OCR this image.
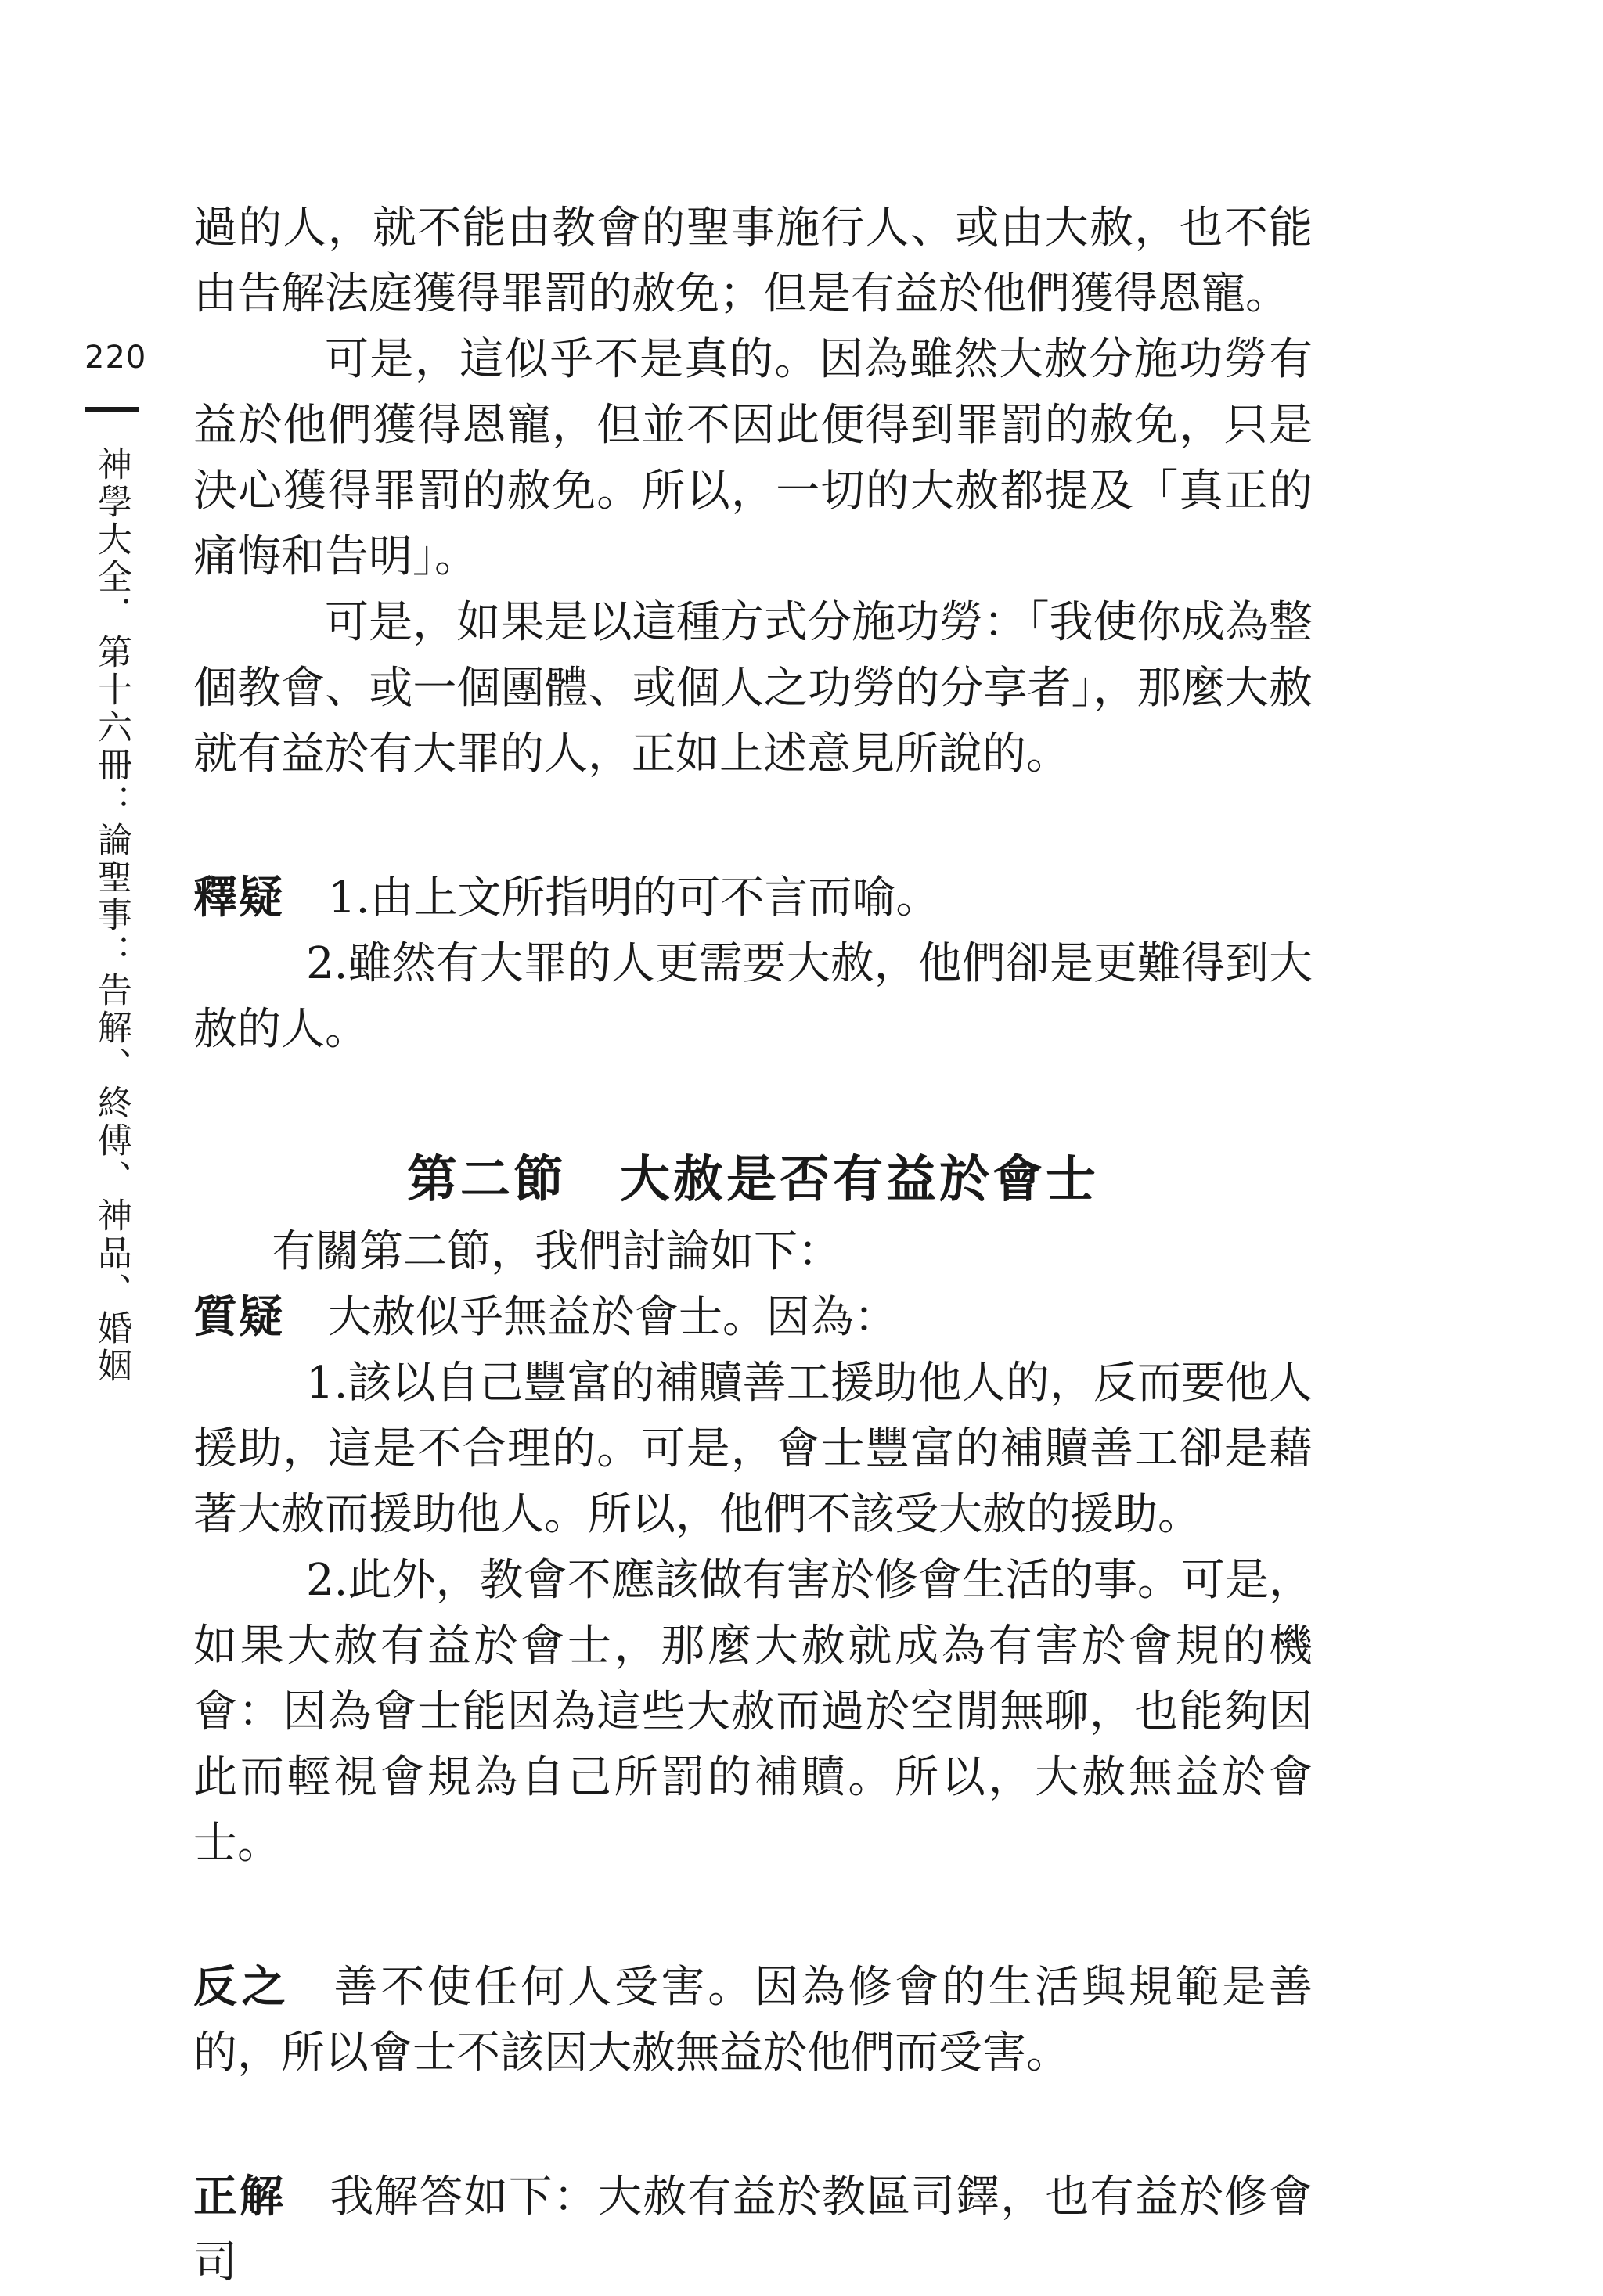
220
神學大全．第十六冊：論聖事：告解、終傅、神品、婚姻

過的人，就不能由教會的聖事施行人、或由大赦，也不能由告解法庭獲得罪罰的赦免；但是有益於他們獲得恩寵。

可是，這似乎不是真的。因為雖然大赦分施功勞有益於他們獲得恩寵，但並不因此便得到罪罰的赦免，只是決心獲得罪罰的赦免。所以，一切的大赦都提及「真正的痛悔和告明」。

可是，如果是以這種方式分施功勞：「我使你成為整個教會、或一個團體、或個人之功勞的分享者」，那麼大赦就有益於有大罪的人，正如上述意見所說的。

釋疑 1.由上文所指明的可不言而喻。

2.雖然有大罪的人更需要大赦，他們卻是更難得到大赦的人。

第二節　大赦是否有益於會士

有關第二節，我們討論如下：

質疑 大赦似乎無益於會士。因為：

1.該以自己豐富的補贖善工援助他人的，反而要他人援助，這是不合理的。可是，會士豐富的補贖善工卻是藉著大赦而援助他人。所以，他們不該受大赦的援助。

2.此外，教會不應該做有害於修會生活的事。可是，如果大赦有益於會士，那麼大赦就成為有害於會規的機會：因為會士能因為這些大赦而過於空閒無聊，也能夠因此而輕視會規為自己所罰的補贖。所以，大赦無益於會士。

反之 善不使任何人受害。因為修會的生活與規範是善的，所以會士不該因大赦無益於他們而受害。

正解 我解答如下：大赦有益於教區司鐸，也有益於修會司
